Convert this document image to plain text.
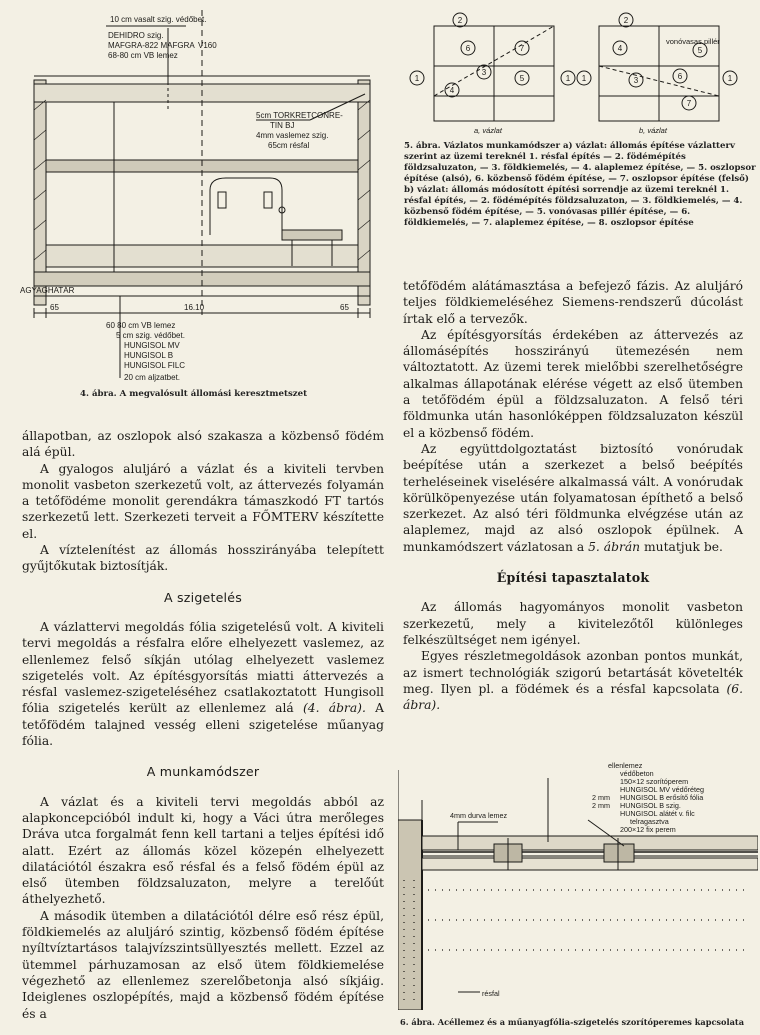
10 cm vasalt szig. védőbet.
DEHIDRO szig.
MAFGRA-822 MAFGRA
68-80 cm VB lemez
V160
5cm TORKRETCONRE-
TIN BJ
4mm vaslemez szig.
65cm résfal
AGYAGHATÁR
16.10
65	65
60 80 cm VB lemez
5 cm szig. védőbet.
HUNGISOL MV
HUNGISOL B
HUNGISOL FILC
20 cm aljzatbet.

4. ábra. A megvalósult állomási keresztmetszet

2
1
6
3
7
4
5	1
2
1
4
3
5
6	1
7
a, vázlat	b, vázlat
vonóvasas pillér

5. ábra. Vázlatos munkamódszer a) vázlat: állomás építése vázlatterv szerint az üzemi tereknél 1. résfal építés — 2. födémépítés földzsaluzaton, — 3. földkiemelés, — 4. alaplemez építése, — 5. oszlopsor építése (alsó), 6. közbenső födém építése, — 7. oszlopsor építése (felső)

b) vázlat: állomás módosított építési sorrendje az üzemi tereknél 1. résfal építés, — 2. födémépítés földzsaluzaton, — 3. földkiemelés, — 4. közbenső födém építése, — 5. vonóvasas pillér építése, — 6. földkiemelés, — 7. alaplemez építése, — 8. oszlopsor építése

állapotban, az oszlopok alsó szakasza a közbenső födém alá épül.

A gyalogos aluljáró a vázlat és a kiviteli tervben monolit vasbeton szerkezetű volt, az áttervezés folyamán a tetőfödéme monolit gerendákra támaszkodó FT tartós szerkezetű lett. Szerkezeti terveit a FŐMTERV készítette el.

A víztelenítést az állomás hosszirányába telepített gyűjtőkutak biztosítják.

A szigetelés

A vázlattervi megoldás fólia szigetelésű volt. A kiviteli tervi megoldás a résfalra előre elhelyezett vaslemez, az ellenlemez felső síkján utólag elhelyezett vaslemez szigetelés volt. Az építésgyorsítás miatti áttervezés a résfal vaslemez-szigeteléséhez csatlakoztatott Hungisoll fólia szigetelés került az ellenlemez alá (4. ábra). A tetőfödém talajned vesség elleni szigetelése műanyag fólia.

A munkamódszer

A vázlat és a kiviteli tervi megoldás abból az alapkoncepcióból indult ki, hogy a Váci útra merőleges Dráva utca forgalmát fenn kell tartani a teljes építési idő alatt. Ezért az állomás közel közepén elhelyezett dilatációtól északra eső résfal és a felső födém épül az első ütemben földzsaluzaton, melyre a terelőút áthelyezhető.

A második ütemben a dilatációtól délre eső rész épül, földkiemelés az aluljáró szintig, közbenső födém építése nyíltvíztartásos talajvízszintsüllyesztés mellett. Ezzel az ütemmel párhuzamosan az első ütem földkiemelése végezhető az ellenlemez szerelőbetonja alsó síkjáig. Ideiglenes oszlopépítés, majd a közbenső födém építése és a

tetőfödém alátámasztása a befejező fázis. Az aluljáró teljes földkiemeléséhez Siemens-rendszerű dúcolást írtak elő a tervezők.

Az építésgyorsítás érdekében az áttervezés az állomásépítés hosszirányú ütemezésén nem változtatott. Az üzemi terek mielőbbi szerelhetőségre alkalmas állapotának elérése végett az első ütemben a tetőfödém épül a földzsaluzaton. A felső téri földmunka után hasonlóképpen földzsaluzaton készül el a közbenső födém.

Az együttdolgoztatást biztosító vonórudak beépítése után a szerkezet a belső beépítés terheléseinek viselésére alkalmassá vált. A vonórudak körülköpenyezése után folyamatosan építhető a belső szerkezet. Az alsó téri földmunka elvégzése után az alaplemez, majd az alsó oszlopok épülnek. A munkamódszert vázlatosan a 5. ábrán mutatjuk be.

Építési tapasztalatok

Az állomás hagyományos monolit vasbeton szerkezetű, mely a kivitelezőtől különleges felkészültséget nem igényel.

Egyes részletmegoldások azonban pontos munkát, az ismert technológiák szigorú betartását követelték meg. Ilyen pl. a födémek és a résfal kapcsolata (6. ábra).

ellenlemez
védőbeton
150×12 szorítóperem
HUNGISOL MV védőréteg
2 mm HUNGISOL B erősítő fólia
2 mm HUNGISOL B szig.
HUNGISOL alátét v. filc
telragasztva
200×12 fix perem
4mm durva lemez
résfal

6. ábra. Acéllemez és a műanyagfólia-szigetelés szorítóperemes kapcsolata
